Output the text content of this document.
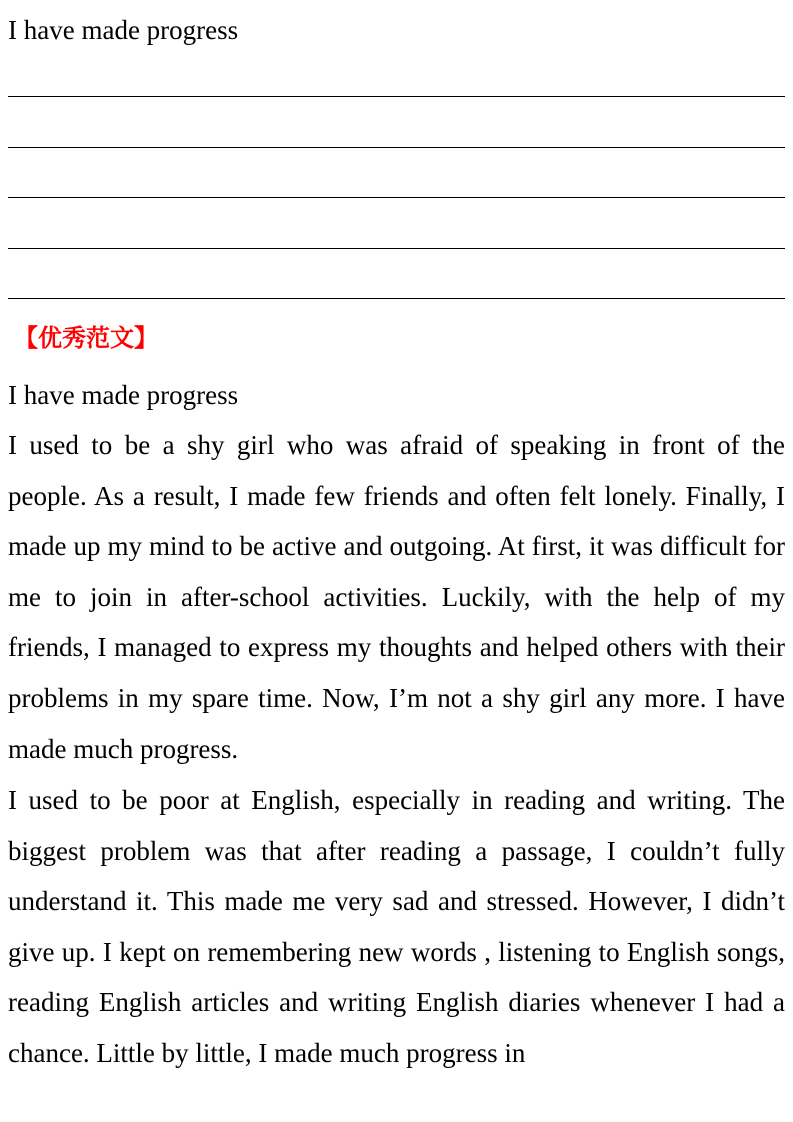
I have made progress
【优秀范文】
I have made progress

I used to be a shy girl who was afraid of speaking in front of the people. As a result, I made few friends and often felt lonely. Finally, I made up my mind to be active and outgoing. At first, it was difficult for me to join in after-school activities. Luckily, with the help of my friends, I managed to express my thoughts and helped others with their problems in my spare time. Now, I’m not a shy girl any more. I have made much progress.

I used to be poor at English, especially in reading and writing. The biggest problem was that after reading a passage, I couldn’t fully understand it. This made me very sad and stressed. However, I didn’t give up. I kept on remembering new words , listening to English songs, reading English articles and writing English diaries whenever I had a chance. Little by little, I made much progress in
